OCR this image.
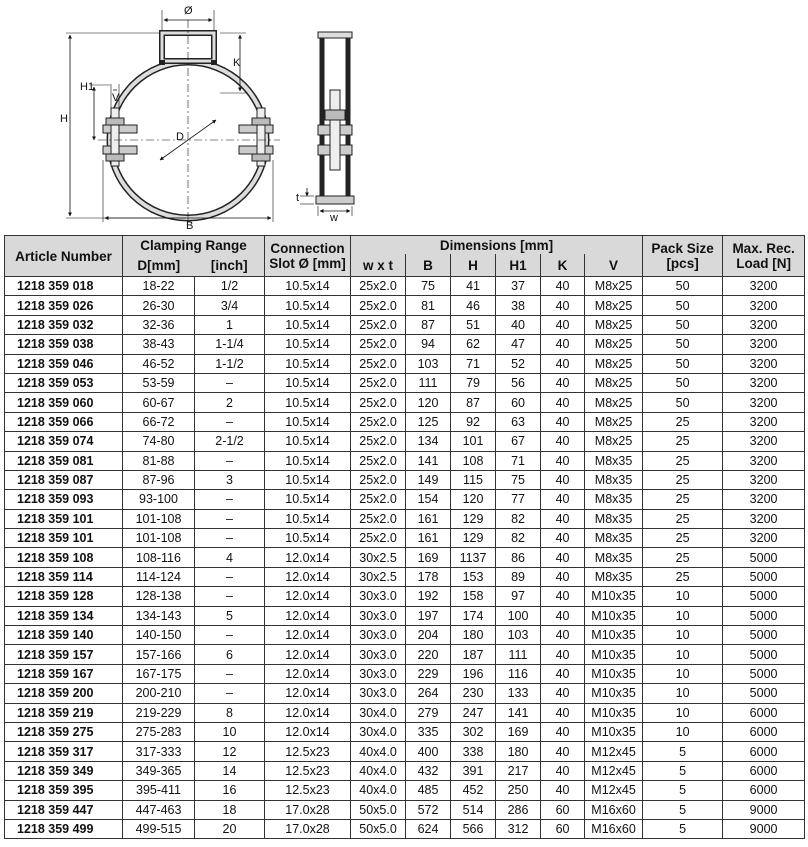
Ø
K
H1
V
H
D
B
t
w
Article Number	Clamping Range		Connection Slot Ø [mm]	Dimensions [mm]						Pack Size [pcs]	Max. Rec. Load [N]
	D[mm]	[inch]		w x t	B	H	H1	K	V		
1218 359 018	18-22	1/2	10.5x14	25x2.0	75	41	37	40	M8x25	50	3200
1218 359 026	26-30	3/4	10.5x14	25x2.0	81	46	38	40	M8x25	50	3200
1218 359 032	32-36	1	10.5x14	25x2.0	87	51	40	40	M8x25	50	3200
1218 359 038	38-43	1-1/4	10.5x14	25x2.0	94	62	47	40	M8x25	50	3200
1218 359 046	46-52	1-1/2	10.5x14	25x2.0	103	71	52	40	M8x25	50	3200
1218 359 053	53-59	–	10.5x14	25x2.0	111	79	56	40	M8x25	50	3200
1218 359 060	60-67	2	10.5x14	25x2.0	120	87	60	40	M8x25	50	3200
1218 359 066	66-72	–	10.5x14	25x2.0	125	92	63	40	M8x25	25	3200
1218 359 074	74-80	2-1/2	10.5x14	25x2.0	134	101	67	40	M8x25	25	3200
1218 359 081	81-88	–	10.5x14	25x2.0	141	108	71	40	M8x35	25	3200
1218 359 087	87-96	3	10.5x14	25x2.0	149	115	75	40	M8x35	25	3200
1218 359 093	93-100	–	10.5x14	25x2.0	154	120	77	40	M8x35	25	3200
1218 359 101	101-108	–	10.5x14	25x2.0	161	129	82	40	M8x35	25	3200
1218 359 101	101-108	–	10.5x14	25x2.0	161	129	82	40	M8x35	25	3200
1218 359 108	108-116	4	12.0x14	30x2.5	169	1137	86	40	M8x35	25	5000
1218 359 114	114-124	–	12.0x14	30x2.5	178	153	89	40	M8x35	25	5000
1218 359 128	128-138	–	12.0x14	30x3.0	192	158	97	40	M10x35	10	5000
1218 359 134	134-143	5	12.0x14	30x3.0	197	174	100	40	M10x35	10	5000
1218 359 140	140-150	–	12.0x14	30x3.0	204	180	103	40	M10x35	10	5000
1218 359 157	157-166	6	12.0x14	30x3.0	220	187	111	40	M10x35	10	5000
1218 359 167	167-175	–	12.0x14	30x3.0	229	196	116	40	M10x35	10	5000
1218 359 200	200-210	–	12.0x14	30x3.0	264	230	133	40	M10x35	10	5000
1218 359 219	219-229	8	12.0x14	30x4.0	279	247	141	40	M10x35	10	6000
1218 359 275	275-283	10	12.0x14	30x4.0	335	302	169	40	M10x35	10	6000
1218 359 317	317-333	12	12.5x23	40x4.0	400	338	180	40	M12x45	5	6000
1218 359 349	349-365	14	12.5x23	40x4.0	432	391	217	40	M12x45	5	6000
1218 359 395	395-411	16	12.5x23	40x4.0	485	452	250	40	M12x45	5	6000
1218 359 447	447-463	18	17.0x28	50x5.0	572	514	286	60	M16x60	5	9000
1218 359 499	499-515	20	17.0x28	50x5.0	624	566	312	60	M16x60	5	9000
